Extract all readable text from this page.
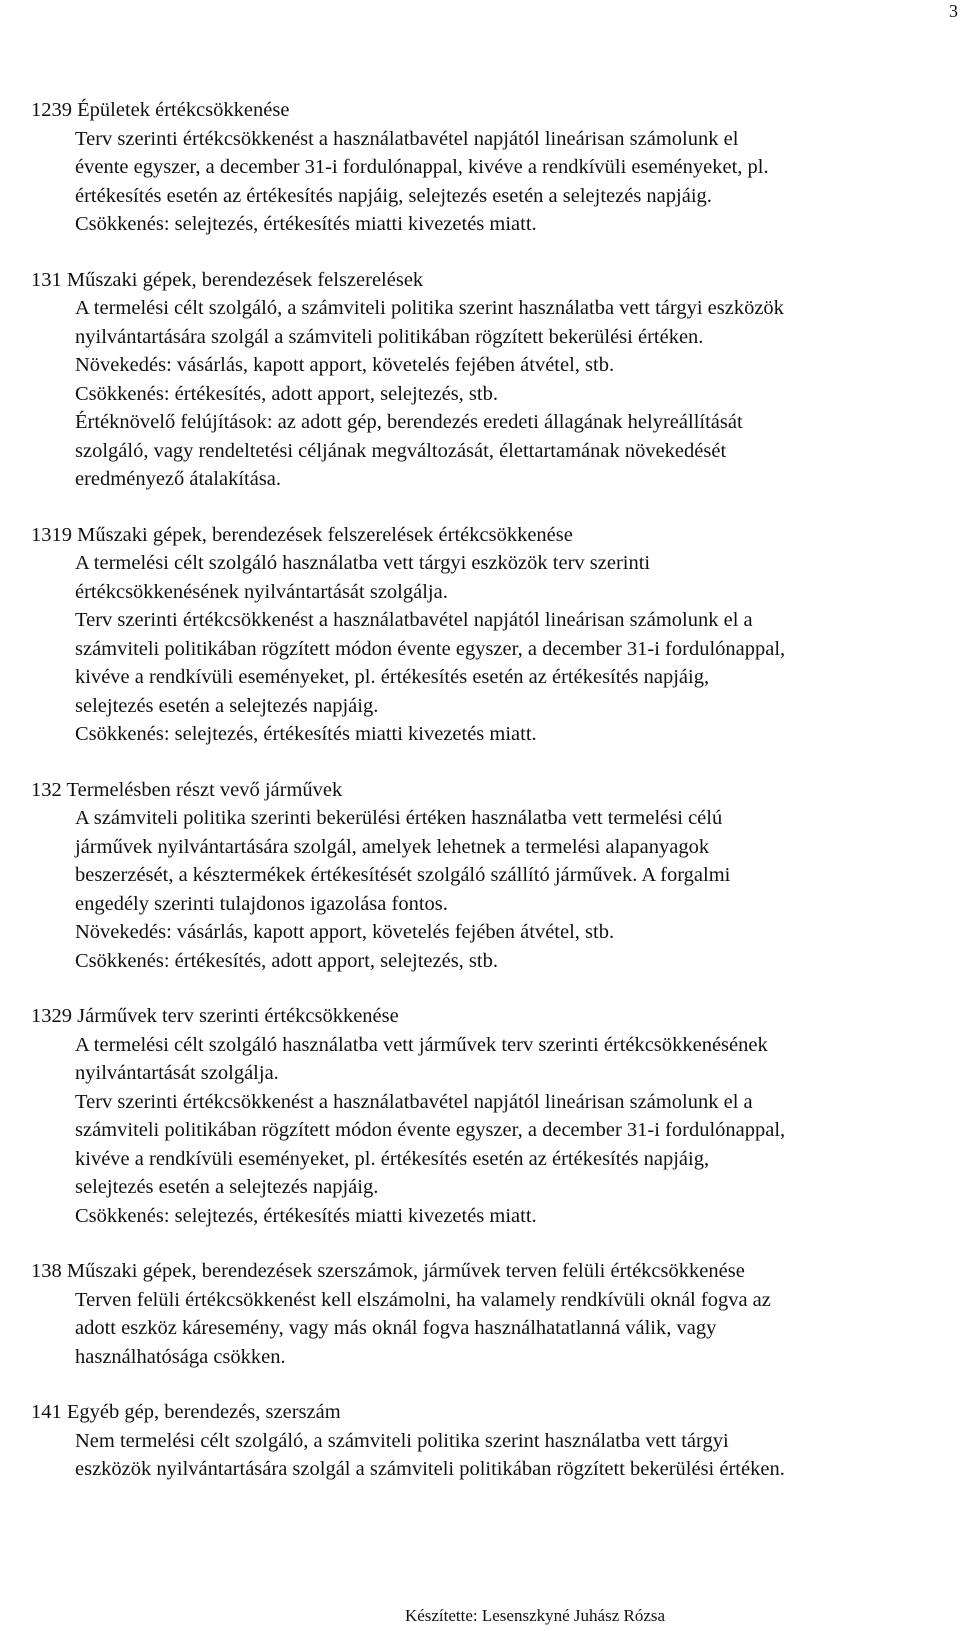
3
1239 Épületek értékcsökkenése
Terv szerinti értékcsökkenést a használatbavétel napjától lineárisan számolunk el
évente egyszer, a december 31-i fordulónappal, kivéve a rendkívüli eseményeket, pl.
értékesítés esetén az értékesítés napjáig, selejtezés esetén a selejtezés napjáig.
Csökkenés: selejtezés, értékesítés miatti kivezetés miatt.
131 Műszaki gépek, berendezések felszerelések
A termelési célt szolgáló, a számviteli politika szerint használatba vett tárgyi eszközök
nyilvántartására szolgál a számviteli politikában rögzített bekerülési értéken.
Növekedés: vásárlás, kapott apport, követelés fejében átvétel, stb.
Csökkenés: értékesítés, adott apport, selejtezés, stb.
Értéknövelő felújítások: az adott gép, berendezés eredeti állagának helyreállítását
szolgáló, vagy rendeltetési céljának megváltozását, élettartamának növekedését
eredményező átalakítása.
1319 Műszaki gépek, berendezések felszerelések értékcsökkenése
A termelési célt szolgáló használatba vett tárgyi eszközök terv szerinti
értékcsökkenésének nyilvántartását szolgálja.
Terv szerinti értékcsökkenést a használatbavétel napjától lineárisan számolunk el a
számviteli politikában rögzített módon évente egyszer, a december 31-i fordulónappal,
kivéve a rendkívüli eseményeket, pl. értékesítés esetén az értékesítés napjáig,
selejtezés esetén a selejtezés napjáig.
Csökkenés: selejtezés, értékesítés miatti kivezetés miatt.
132 Termelésben részt vevő járművek
A számviteli politika szerinti bekerülési értéken használatba vett termelési célú
járművek nyilvántartására szolgál, amelyek lehetnek a termelési alapanyagok
beszerzését, a késztermékek értékesítését szolgáló szállító járművek. A forgalmi
engedély szerinti tulajdonos igazolása fontos.
Növekedés: vásárlás, kapott apport, követelés fejében átvétel, stb.
Csökkenés: értékesítés, adott apport, selejtezés, stb.
1329 Járművek terv szerinti értékcsökkenése
A termelési célt szolgáló használatba vett járművek terv szerinti értékcsökkenésének
nyilvántartását szolgálja.
Terv szerinti értékcsökkenést a használatbavétel napjától lineárisan számolunk el a
számviteli politikában rögzített módon évente egyszer, a december 31-i fordulónappal,
kivéve a rendkívüli eseményeket, pl. értékesítés esetén az értékesítés napjáig,
selejtezés esetén a selejtezés napjáig.
Csökkenés: selejtezés, értékesítés miatti kivezetés miatt.
138 Műszaki gépek, berendezések szerszámok, járművek terven felüli értékcsökkenése
Terven felüli értékcsökkenést kell elszámolni, ha valamely rendkívüli oknál fogva az
adott eszköz káresemény, vagy más oknál fogva használhatatlanná válik, vagy
használhatósága csökken.
141 Egyéb gép, berendezés, szerszám
Nem termelési célt szolgáló, a számviteli politika szerint használatba vett tárgyi
eszközök nyilvántartására szolgál a számviteli politikában rögzített bekerülési értéken.
Készítette: Lesenszkyné Juhász Rózsa
